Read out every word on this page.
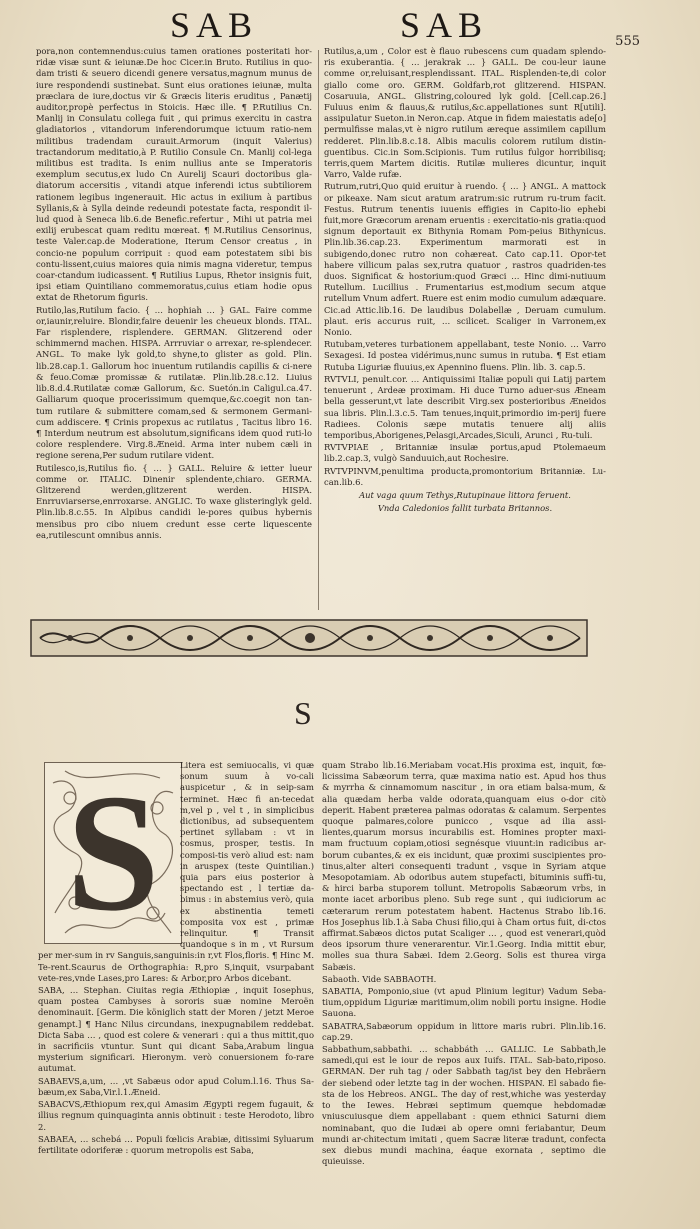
SAB	SAB	555

pora,non contemnendus:cuius tamen orationes posteritati hor-ridæ visæ sunt & ieiunæ.De hoc Cicer.in Bruto. Rutilius in quo-dam tristi & seuero dicendi genere versatus,magnum munus de iure respondendi sustinebat. Sunt eius orationes ieiunæ, multa præclara de iure,doctus vir & Græcis literis eruditus , Panætij auditor,propè perfectus in Stoicis. Hæc ille. ¶ P.Rutilius Cn. Manlij in Consulatu collega fuit , qui primus exercitu in castra gladiatorios , vitandorum inferendorumque ictuum ratio-nem militibus tradendam curauit.Armorum (inquit Valerius) tractandorum meditatio,à P. Rutilio Consule Cn. Manlij col-lega militibus est tradita. Is enim nullius ante se Imperatoris exemplum secutus,ex ludo Cn Aurelij Scauri doctoribus gla-diatorum accersitis , vitandi atque inferendi ictus subtiliorem rationem legibus ingenerauit. Hic actus in exilium à partibus Syllanis,& à Sylla deinde redeundi potestate facta, respondit il-lud quod à Seneca lib.6.de Benefic.refertur , Mihi ut patria mei exilij erubescat quam reditu mœreat. ¶ M.Rutilius Censorinus, teste Valer.cap.de Moderatione, Iterum Censor creatus , in concio-ne populum corripuit : quod eam potestatem sibi bis contu-lissent,cuius maiores quia nimis magna videretur, tempus coar-ctandum iudicassent. ¶ Rutilius Lupus, Rhetor insignis fuit, ipsi etiam Quintiliano commemoratus,cuius etiam hodie opus extat de Rhetorum figuris.

Rutilo,las,Rutilum facio. { … hophiah … } GAL. Faire comme or,iaunir,reluire. Blondir,faire deuenir les cheueux blonds. ITAL. Far risplendere, risplendere. GERMAN. Glitzerend oder schimmernd machen. HISPA. Arrruviar o arrexar, re-splendecer. ANGL. To make lyk gold,to shyne,to glister as gold. Plin. lib.28.cap.1. Gallorum hoc inuentum rutilandis capillis & ci-nere & feuo.Comæ promissæ & rutilatæ. Plin.lib.28.c.12. Liuius lib.8.d.4.Rutilatæ comæ Gallorum, &c. Suetón.in Caligul.ca.47. Galliarum quoque procerissimum quemque,&c.coegit non tan-tum rutilare & submittere comam,sed & sermonem Germani-cum addiscere. ¶ Crinis propexus ac rutilatus , Tacitus libro 16. ¶ Interdum neutrum est absolutum,significans idem quod ruti-lo colore resplendere. Virg.8.Æneid. Arma inter nubem cæli in regione serena,Per sudum rutilare vident.

Rutilesco,is,Rutilus fio. { … } GALL. Reluire & ietter lueur comme or. ITALIC. Dinenir splendente,chiaro. GERMA. Glitzerend werden,glitzerent werden. HISPA. Enrruviarserse,enrroxarse. ANGLIC. To waxe glisteringlyk geld. Plin.lib.8.c.55. In Alpibus candidi le-pores quibus hybernis mensibus pro cibo niuem credunt esse certe liquescente ea,rutilescunt omnibus annis.

Rutilus,a,um , Color est è flauo rubescens cum quadam splendo-ris exuberantia. { … jerakrak … } GALL. De cou-leur iaune comme or,reluisant,resplendissant. ITAL. Risplenden-te,di color giallo come oro. GERM. Goldfarb,rot glitzerend. HISPAN. Cosaruuia, ANGL. Glistring,coloured lyk gold. [Cell.cap.26.] Fuluus enim & flauus,& rutilus,&c.appellationes sunt R[utili]. assipulatur Sueton.in Neron.cap. Atque in fidem maiestatis ade[o] permulfisse malas,vt è nigro rutilum æreque assimilem capillum redderet. Plin.lib.8.c.18. Albis maculis colorem rutilum distin-guentibus. Cic.in Som.Scipionis. Tum rutilus fulgor horribilisq; terris,quem Martem dicitis. Rutilæ mulieres dicuntur, inquit Varro, Valde rufæ.

Rutrum,rutri,Quo quid eruitur à ruendo. { … } ANGL. A mattock or pikeaxe. Nam sicut aratum aratrum:sic rutrum ru-trum facit. Festus. Rutrum tenentis iuuenis effigies in Capito-lio ephebi fuit,more Græcorum arenam eruentis : exercitatio-nis gratia:quod signum deportauit ex Bithynia Romam Pom-peius Bithynicus. Plin.lib.36.cap.23. Experimentum marmorati est in subigendo,donec rutro non cohæreat. Cato cap.11. Opor-tet habere villicum palas sex,rutra quatuor , rastros quadriden-tes duos. Significat & hostorium:quod Græci … Hinc dimi-nutiuum Rutellum. Lucillius . Frumentarius est,modium secum atque rutellum Vnum adfert. Ruere est enim modio cumulum adæquare. Cic.ad Attic.lib.16. De laudibus Dolabellæ , Deruam cumulum. plaut. eris accurus ruit, … scilicet. Scaliger in Varronem,ex Nonio.

Rutubam,veteres turbationem appellabant, teste Nonio. … Varro Sexagesi. Id postea vidérimus,nunc sumus in rutuba. ¶ Est etiam Rutuba Liguriæ fluuius,ex Apennino fluens. Plin. lib. 3. cap.5.

RVTVLI, penult.cor. … Antiquissimi Italiæ populi qui Latij partem tenuerunt , Ardeæ proximam. Hi duce Turno aduer-sus Æneam bella gesserunt,vt late describit Virg.sex posterioribus Æneidos sua libris. Plin.l.3.c.5. Tam tenues,inquit,primordio im-perij fuere Radiees. Colonis sæpe mutatis tenuere alij aliis temporibus,Aborigenes,Pelasgi,Arcades,Siculi, Arunci , Ru-tuli.

RVTVPIAE , Britanniæ insulæ portus,apud Ptolemaeum lib.2.cap.3, vulgò Sanduuich,aut Rochesire.

RVTVPINVM,penultima producta,promontorium Britanniæ. Lu-can.lib.6.

Aut vaga quum Tethys,Rutupinaue littora feruent.

Vnda Caledonios fallit turbata Britannos.

S
S	Litera est semiuocalis, vi quæ sonum suum à vo-cali auspicetur , & in seip-sam terminet. Hæc fi an-tecedat m,vel p , vel t , in simplicibus dictionibus, ad subsequentem pertinet syllabam : vt in cosmus, prosper, testis. In composi-tis verò aliud est: nam in aruspex (teste Quintilian.) quia pars eius posterior à spectando est , l tertiæ da-bimus : in abstemius verò, quia ex abstinentia temeti composita vox est , primæ relinquitur. ¶ Transit quandoque s in m , vt Rursum per mer-sum in rv Sanguis,sanguinis:in r,vt Flos,floris. ¶ Hinc M. Te-rent.Scaurus de Orthographia: R,pro S,inquit, vsurpabant vete-res,vnde Lases,pro Lares: & Arbor,pro Arbos dicebant.

SABA, … Stephan. Ciuitas regia Æthiopiæ , inquit Iosephus, quam postea Cambyses à sororis suæ nomine Meroën denominauit. [Germ. Die königlich statt der Moren / jetzt Meroe genampt.] ¶ Hanc Nilus circundans, inexpugnabilem reddebat. Dicta Saba … , quod est colere & venerari : qui a thus mittit,quo in sacrificiis vtuntur. Sunt qui dicant Saba,Arabum lingua mysterium significari. Hieronym. verò conuersionem fo-rare autumat.

SABAEVS,a,um, … ,vt Sabæus odor apud Colum.l.16. Thus Sa-bæum,ex Saba,Vir.l.1.Æneid.

SABACVS,Æthiopum rex,qui Amasim Ægypti regem fugauit, & illius regnum quinquaginta annis obtinuit : teste Herodoto, libro 2.

SABAEA, … schebá … Populi fœlicis Arabiæ, ditissimi Syluarum fertilitate odoriferæ : quorum metropolis est Saba,

quam Strabo lib.16.Meriabam vocat.His proxima est, inquit, fœ-licissima Sabæorum terra, quæ maxima natio est. Apud hos thus & myrrha & cinnamomum nascitur , in ora etiam balsa-mum, & alia quædam herba valde odorata,quanquam eius o-dor citò deperit. Habent præterea palmas odoratas & calamum. Serpentes quoque palmares,colore punicco , vsque ad ilia assi-lientes,quarum morsus incurabilis est. Homines propter maxi-mam fructuum copiam,otiosi segnésque viuunt:in radicibus ar-borum cubantes,& ex eis incidunt, quæ proximi suscipientes pro-tinus,alter alteri consequenti tradunt , vsque in Syriam atque Mesopotamiam. Ab odoribus autem stupefacti, bituminis suffi-tu, & hirci barba stuporem tollunt. Metropolis Sabæorum vrbs, in monte iacet arboribus pleno. Sub rege sunt , qui iudiciorum ac cæterarum rerum potestatem habent. Hactenus Strabo lib.16. Hos Josephus lib.1.à Saba Chusi filio,qui à Cham ortus fuit, di-ctos affirmat.Sabæos dictos putat Scaliger … , quod est venerari,quòd deos ipsorum thure venerarentur. Vir.1.Georg. India mittit ebur, molles sua thura Sabæi. Idem 2.Georg. Solis est thurea virga Sabæis.

Sabaoth. Vide SABBAOTH.

SABATIA, Pomponio,siue (vt apud Plinium legitur) Vadum Seba-tium,oppidum Liguriæ maritimum,olim nobili portu insigne. Hodie Sauona.

SABATRA,Sabæorum oppidum in littore maris rubri. Plin.lib.16. cap.29.

Sabbathum,sabbathi. … schabbáth … GALLIC. Le Sabbath,le samedi,qui est le iour de repos aux Iuifs. ITAL. Sab-bato,riposo. GERMAN. Der ruh tag / oder Sabbath tag/ist bey den Hebräern der siebend oder letzte tag in der wochen. HISPAN. El sabado fie-sta de los Hebreos. ANGL. The day of rest,whiche was yesterday to the Iewes. Hebræi septimum quemque hebdomadæ vniuscuiusque diem appellabant : quem ethnici Saturni diem nominabant, quo die Iudæi ab opere omni feriabantur, Deum mundi ar-chitectum imitati , quem Sacræ literæ tradunt, confecta sex diebus mundi machina, éaque exornata , septimo die quieuisse.
